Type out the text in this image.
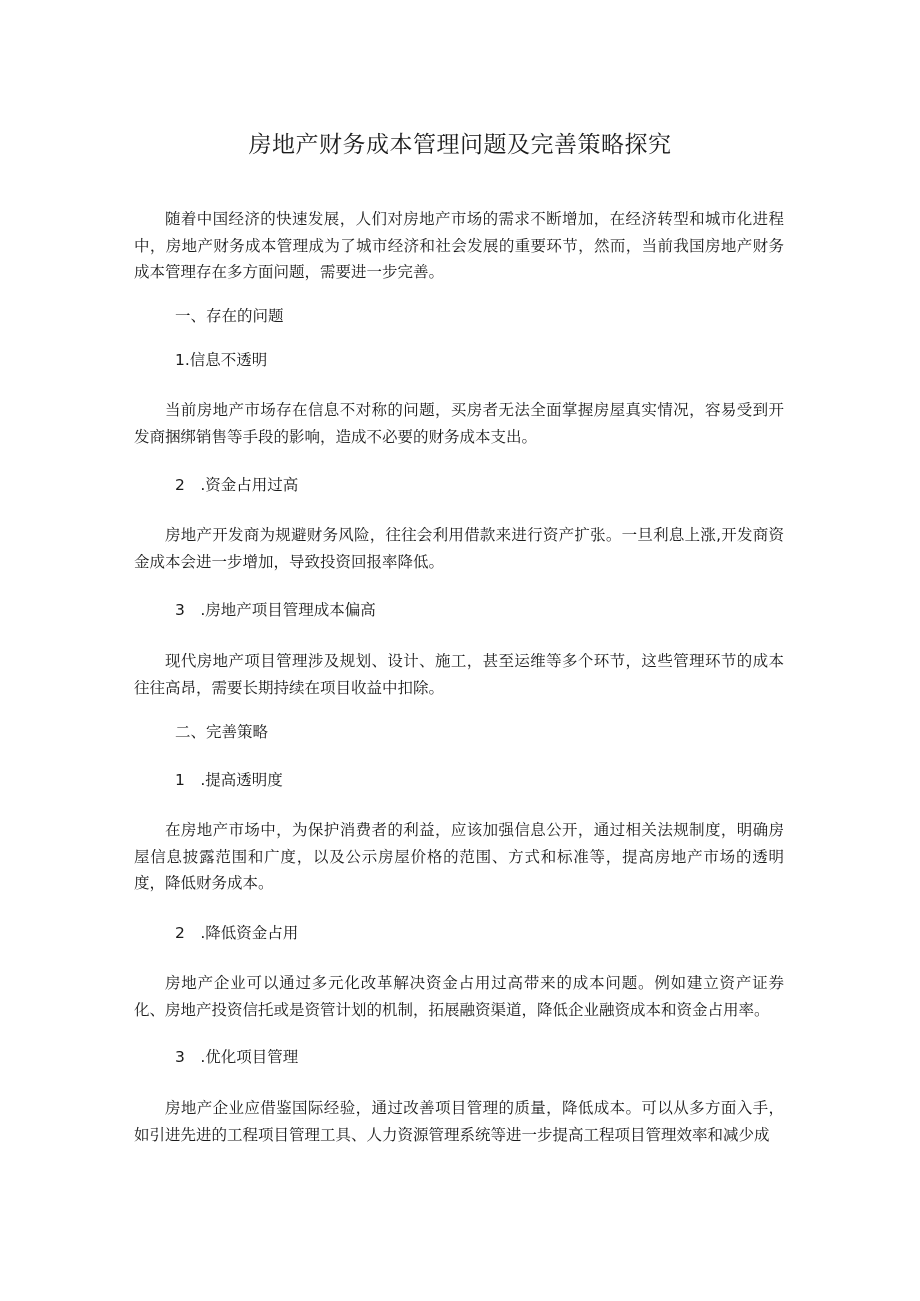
房地产财务成本管理问题及完善策略探究
随着中国经济的快速发展，人们对房地产市场的需求不断增加，在经济转型和城市化进程中，房地产财务成本管理成为了城市经济和社会发展的重要环节，然而，当前我国房地产财务成本管理存在多方面问题，需要进一步完善。
一、存在的问题
1.信息不透明
当前房地产市场存在信息不对称的问题，买房者无法全面掌握房屋真实情况，容易受到开发商捆绑销售等手段的影响，造成不必要的财务成本支出。
2　.资金占用过高
房地产开发商为规避财务风险，往往会利用借款来进行资产扩张。一旦利息上涨,开发商资金成本会进一步增加，导致投资回报率降低。
3　.房地产项目管理成本偏高
现代房地产项目管理涉及规划、设计、施工，甚至运维等多个环节，这些管理环节的成本往往高昂，需要长期持续在项目收益中扣除。
二、完善策略
1　.提高透明度
在房地产市场中，为保护消费者的利益，应该加强信息公开，通过相关法规制度，明确房屋信息披露范围和广度，以及公示房屋价格的范围、方式和标准等，提高房地产市场的透明度，降低财务成本。
2　.降低资金占用
房地产企业可以通过多元化改革解决资金占用过高带来的成本问题。例如建立资产证券化、房地产投资信托或是资管计划的机制，拓展融资渠道，降低企业融资成本和资金占用率。
3　.优化项目管理
房地产企业应借鉴国际经验，通过改善项目管理的质量，降低成本。可以从多方面入手，如引进先进的工程项目管理工具、人力资源管理系统等进一步提高工程项目管理效率和减少成
